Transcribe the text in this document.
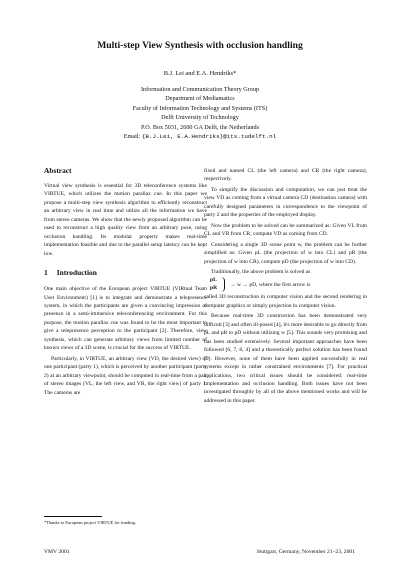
Multi-step View Synthesis with occlusion handling
B.J. Lei and E.A. Hendriks*
Information and Communication Theory Group
Department of Mediamatics
Faculty of Information Technology and Systems (ITS)
Delft University of Technology
P.O. Box 5031, 2600 GA Delft, the Netherlands
Email: {B.J.Lei, E.A.Hendriks}@its.tudelft.nl
Abstract

Virtual view synthesis is essential for 3D teleconference systems like VIRTUE, which utilizes the motion parallax cue. In this paper we propose a multi-step view synthesis algorithm to efficiently reconstruct an arbitrary view in real time and utilize all the information we have from stereo cameras. We show that the newly proposed algorithm can be used to reconstruct a high quality view from an arbitrary pose, using occlusion handling. Its modular property makes real-time implementation feasible and due to the parallel setup latency can be kept low.

1 Introduction

One main objective of the European project VIRTUE (VIRtual Team User Environment) [1] is to integrate and demonstrate a telepresence system, in which the participants are given a convincing impression of presence in a semi-immersive teleconferencing environment. For this purpose, the motion parallax cue was found to be the most important to give a telepresence perception to the participant [2]. Therefore, view synthesis, which can generate arbitrary views from limited number of known views of a 3D scene, is crucial for the success of VIRTUE.

Particularly, in VIRTUE, an arbitrary view (VD, the desired view) of one participant (party 1), which is perceived by another participant (party 2) at an arbitrary viewpoint, should be computed in real-time from a pair of stereo images (VL, the left view, and VR, the right view) of party 1. The cameras are

fixed and named CL (the left camera) and CR (the right camera), respectively.

To simplify the discussion and computation, we can just treat the view VD as coming from a virtual camera CD (destination camera) with carefully designed parameters in correspondence to the viewpoint of party 2 and the properties of the employed display.

Now the problem to be solved can be summarized as: Given VL from CL and VR from CR, compute VD as coming from CD.

Considering a single 3D scene point w, the problem can be further simplified as: Given pL (the projection of w into CL) and pR (the projection of w into CR), compute pD (the projection of w into CD).

Traditionally, the above problem is solved as

pL
pR
→ w → pD, where the first arrow is

called 3D reconstruction in computer vision and the second rendering in computer graphics or simply projection in computer vision.

Because real-time 3D construction has been demonstrated very difficult [3] and often ill-posed [4], it's more desirable to go directly from pL and pR to pD without utilizing w [5]. This sounds very promising and has been studied extensively. Several important approaches have been followed [6, 7, 8, 4] and a theoretically perfect solution has been found [9]. However, none of them have been applied successfully in real systems except in rather constrained environments [7]. For practical applications, two critical issues should be considered: real-time implementation and occlusion handling. Both issues have not been investigated throughly by all of the above mentioned works and will be addressed in this paper.

*Thanks to European project VIRTUE for funding.
VMV 2001	Stuttgart, Germany, November 21–23, 2001
